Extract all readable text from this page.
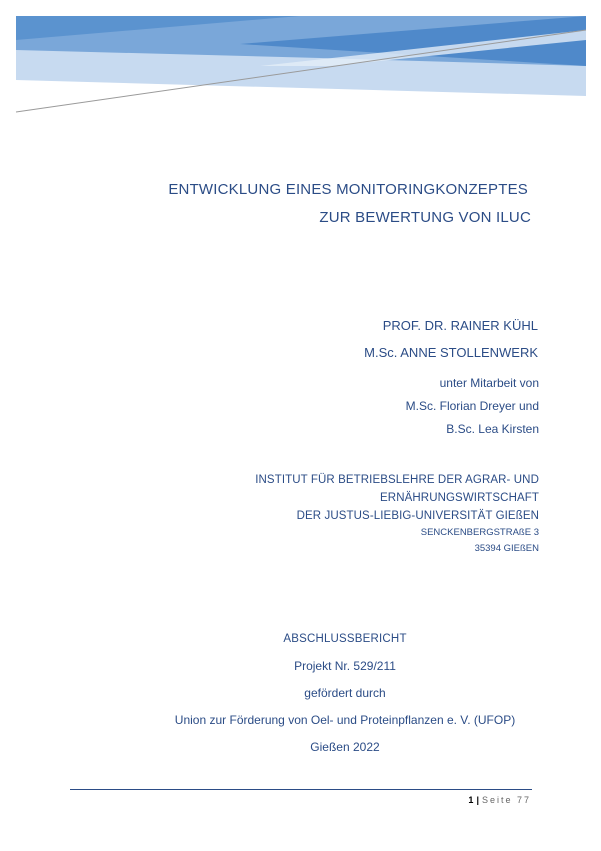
ENTWICKLUNG EINES MONITORINGKONZEPTES
ZUR BEWERTUNG VON ILUC
PROF. DR. RAINER KÜHL
M.Sc. ANNE STOLLENWERK
unter Mitarbeit von
M.Sc. Florian Dreyer und
B.Sc. Lea Kirsten
INSTITUT FÜR BETRIEBSLEHRE DER AGRAR- UND
ERNÄHRUNGSWIRTSCHAFT
DER JUSTUS-LIEBIG-UNIVERSITÄT GIEßEN
SENCKENBERGSTRAßE 3
35394 GIEßEN
ABSCHLUSSBERICHT
Projekt Nr. 529/211
gefördert durch
Union zur Förderung von Oel- und Proteinpflanzen e. V. (UFOP)
Gießen 2022
1 | Seite 77
